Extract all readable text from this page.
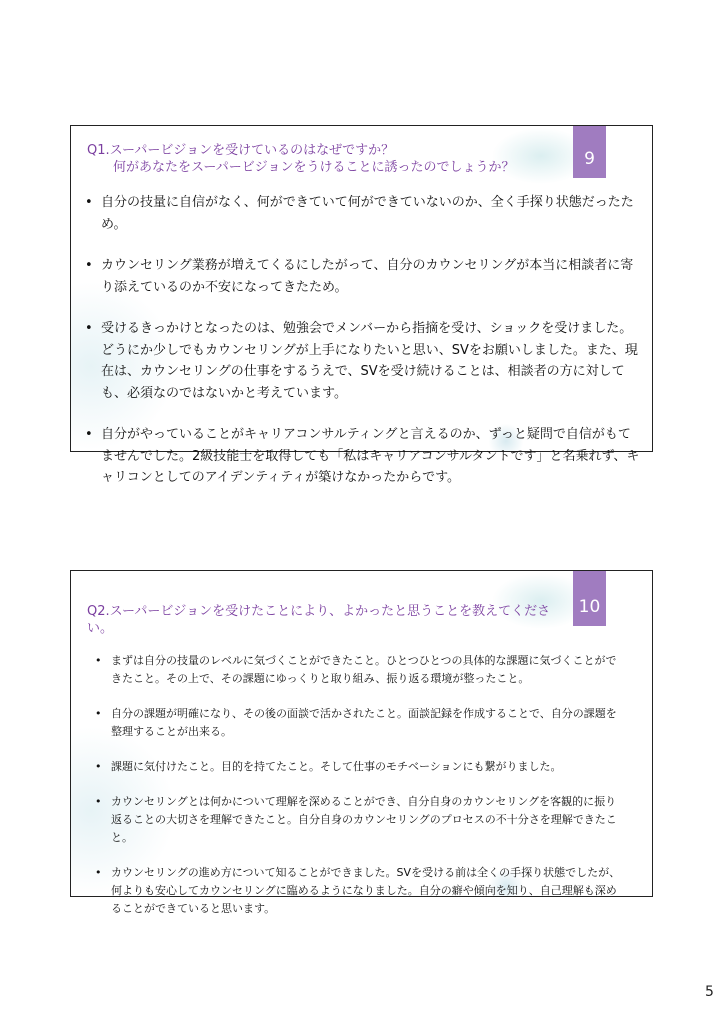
9
Q1.スーパービジョンを受けているのはなぜですか？
　　何があなたをスーパービジョンをうけることに誘ったのでしょうか？
• 自分の技量に自信がなく、何ができていて何ができていないのか、全く手探り状態だったため。
• カウンセリング業務が増えてくるにしたがって、自分のカウンセリングが本当に相談者に寄り添えているのか不安になってきたため。
• 受けるきっかけとなったのは、勉強会でメンバーから指摘を受け、ショックを受けました。どうにか少しでもカウンセリングが上手になりたいと思い、SVをお願いしました。また、現在は、カウンセリングの仕事をするうえで、SVを受け続けることは、相談者の方に対しても、必須なのではないかと考えています。
• 自分がやっていることがキャリアコンサルティングと言えるのか、ずっと疑問で自信がもてませんでした。2級技能士を取得しても「私はキャリアコンサルタントです」と名乗れず、キャリコンとしてのアイデンティティが築けなかったからです。
10
Q2.スーパービジョンを受けたことにより、よかったと思うことを教えてください。
• まずは自分の技量のレベルに気づくことができたこと。ひとつひとつの具体的な課題に気づくことができたこと。その上で、その課題にゆっくりと取り組み、振り返る環境が整ったこと。
• 自分の課題が明確になり、その後の面談で活かされたこと。面談記録を作成することで、自分の課題を整理することが出来る。
• 課題に気付けたこと。目的を持てたこと。そして仕事のモチベーションにも繋がりました。
• カウンセリングとは何かについて理解を深めることができ、自分自身のカウンセリングを客観的に振り返ることの大切さを理解できたこと。自分自身のカウンセリングのプロセスの不十分さを理解できたこと。
• カウンセリングの進め方について知ることができました。SVを受ける前は全くの手探り状態でしたが、何よりも安心してカウンセリングに臨めるようになりました。自分の癖や傾向を知り、自己理解も深めることができていると思います。
5
